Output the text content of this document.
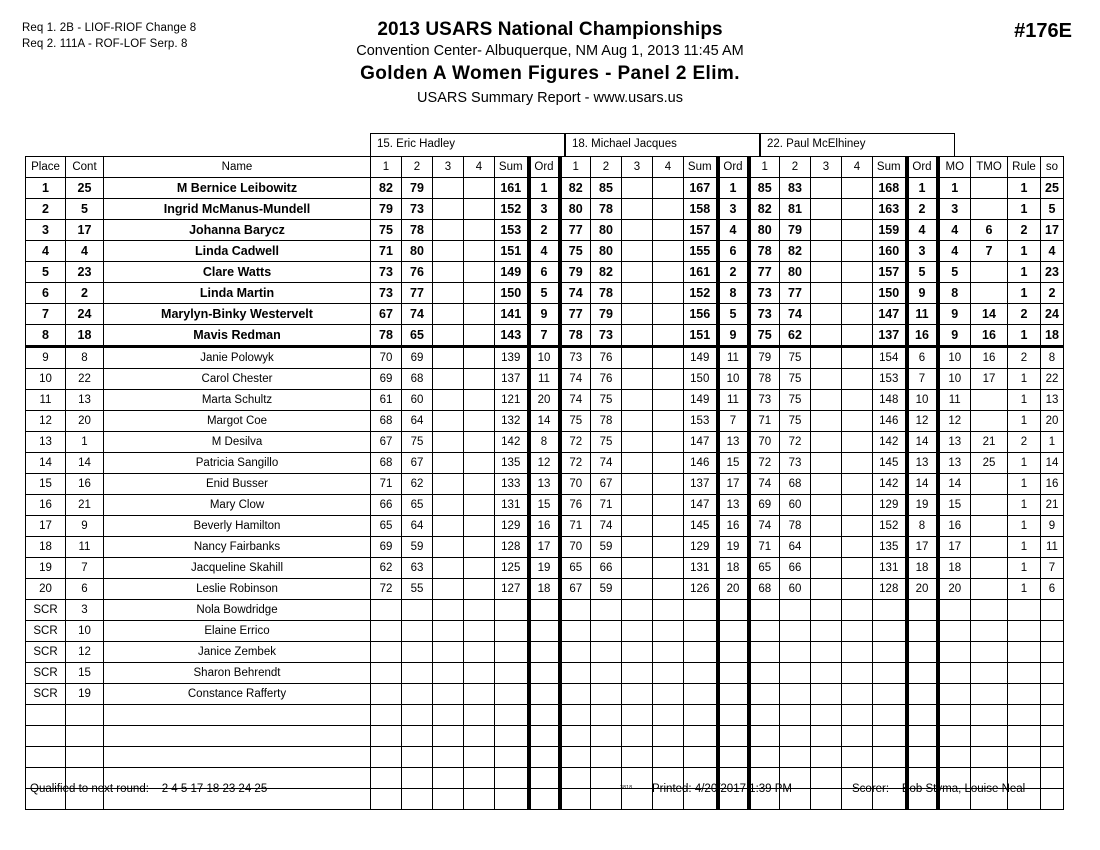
Req 1. 2B - LIOF-RIOF Change 8
Req 2. 111A - ROF-LOF Serp. 8
2013 USARS National Championships
Convention Center- Albuquerque, NM Aug 1, 2013 11:45 AM
Golden A Women Figures - Panel 2 Elim.
USARS Summary Report - www.usars.us
#176E
15. Eric Hadley	18. Michael Jacques	22. Paul McElhiney
Place	Cont	Name	1	2	3	4	Sum	Ord	1	2	3	4	Sum	Ord	1	2	3	4	Sum	Ord	MO	TMO	Rule	so
1	25	M Bernice Leibowitz	82	79			161	1	82	85			167	1	85	83			168	1	1		1	25
2	5	Ingrid McManus-Mundell	79	73			152	3	80	78			158	3	82	81			163	2	3		1	5
3	17	Johanna Barycz	75	78			153	2	77	80			157	4	80	79			159	4	4	6	2	17
4	4	Linda Cadwell	71	80			151	4	75	80			155	6	78	82			160	3	4	7	1	4
5	23	Clare Watts	73	76			149	6	79	82			161	2	77	80			157	5	5		1	23
6	2	Linda Martin	73	77			150	5	74	78			152	8	73	77			150	9	8		1	2
7	24	Marylyn-Binky Westervelt	67	74			141	9	77	79			156	5	73	74			147	11	9	14	2	24
8	18	Mavis Redman	78	65			143	7	78	73			151	9	75	62			137	16	9	16	1	18
9	8	Janie Polowyk	70	69			139	10	73	76			149	11	79	75			154	6	10	16	2	8
10	22	Carol Chester	69	68			137	11	74	76			150	10	78	75			153	7	10	17	1	22
11	13	Marta Schultz	61	60			121	20	74	75			149	11	73	75			148	10	11		1	13
12	20	Margot Coe	68	64			132	14	75	78			153	7	71	75			146	12	12		1	20
13	1	M Desilva	67	75			142	8	72	75			147	13	70	72			142	14	13	21	2	1
14	14	Patricia Sangillo	68	67			135	12	72	74			146	15	72	73			145	13	13	25	1	14
15	16	Enid Busser	71	62			133	13	70	67			137	17	74	68			142	14	14		1	16
16	21	Mary Clow	66	65			131	15	76	71			147	13	69	60			129	19	15		1	21
17	9	Beverly Hamilton	65	64			129	16	71	74			145	16	74	78			152	8	16		1	9
18	11	Nancy Fairbanks	69	59			128	17	70	59			129	19	71	64			135	17	17		1	11
19	7	Jacqueline Skahill	62	63			125	19	65	66			131	18	65	66			131	18	18		1	7
20	6	Leslie Robinson	72	55			127	18	67	59			126	20	68	60			128	20	20		1	6
SCR	3	Nola Bowdridge																						
SCR	10	Elaine Errico																						
SCR	12	Janice Zembek																						
SCR	15	Sharon Behrendt																						
SCR	19	Constance Rafferty																						

Qualified to next round: 2 4 5 17 18 23 24 25	3818 Printed: 4/20/2017 1:39 PM	Scorer: Bob Styma, Louise Neal
